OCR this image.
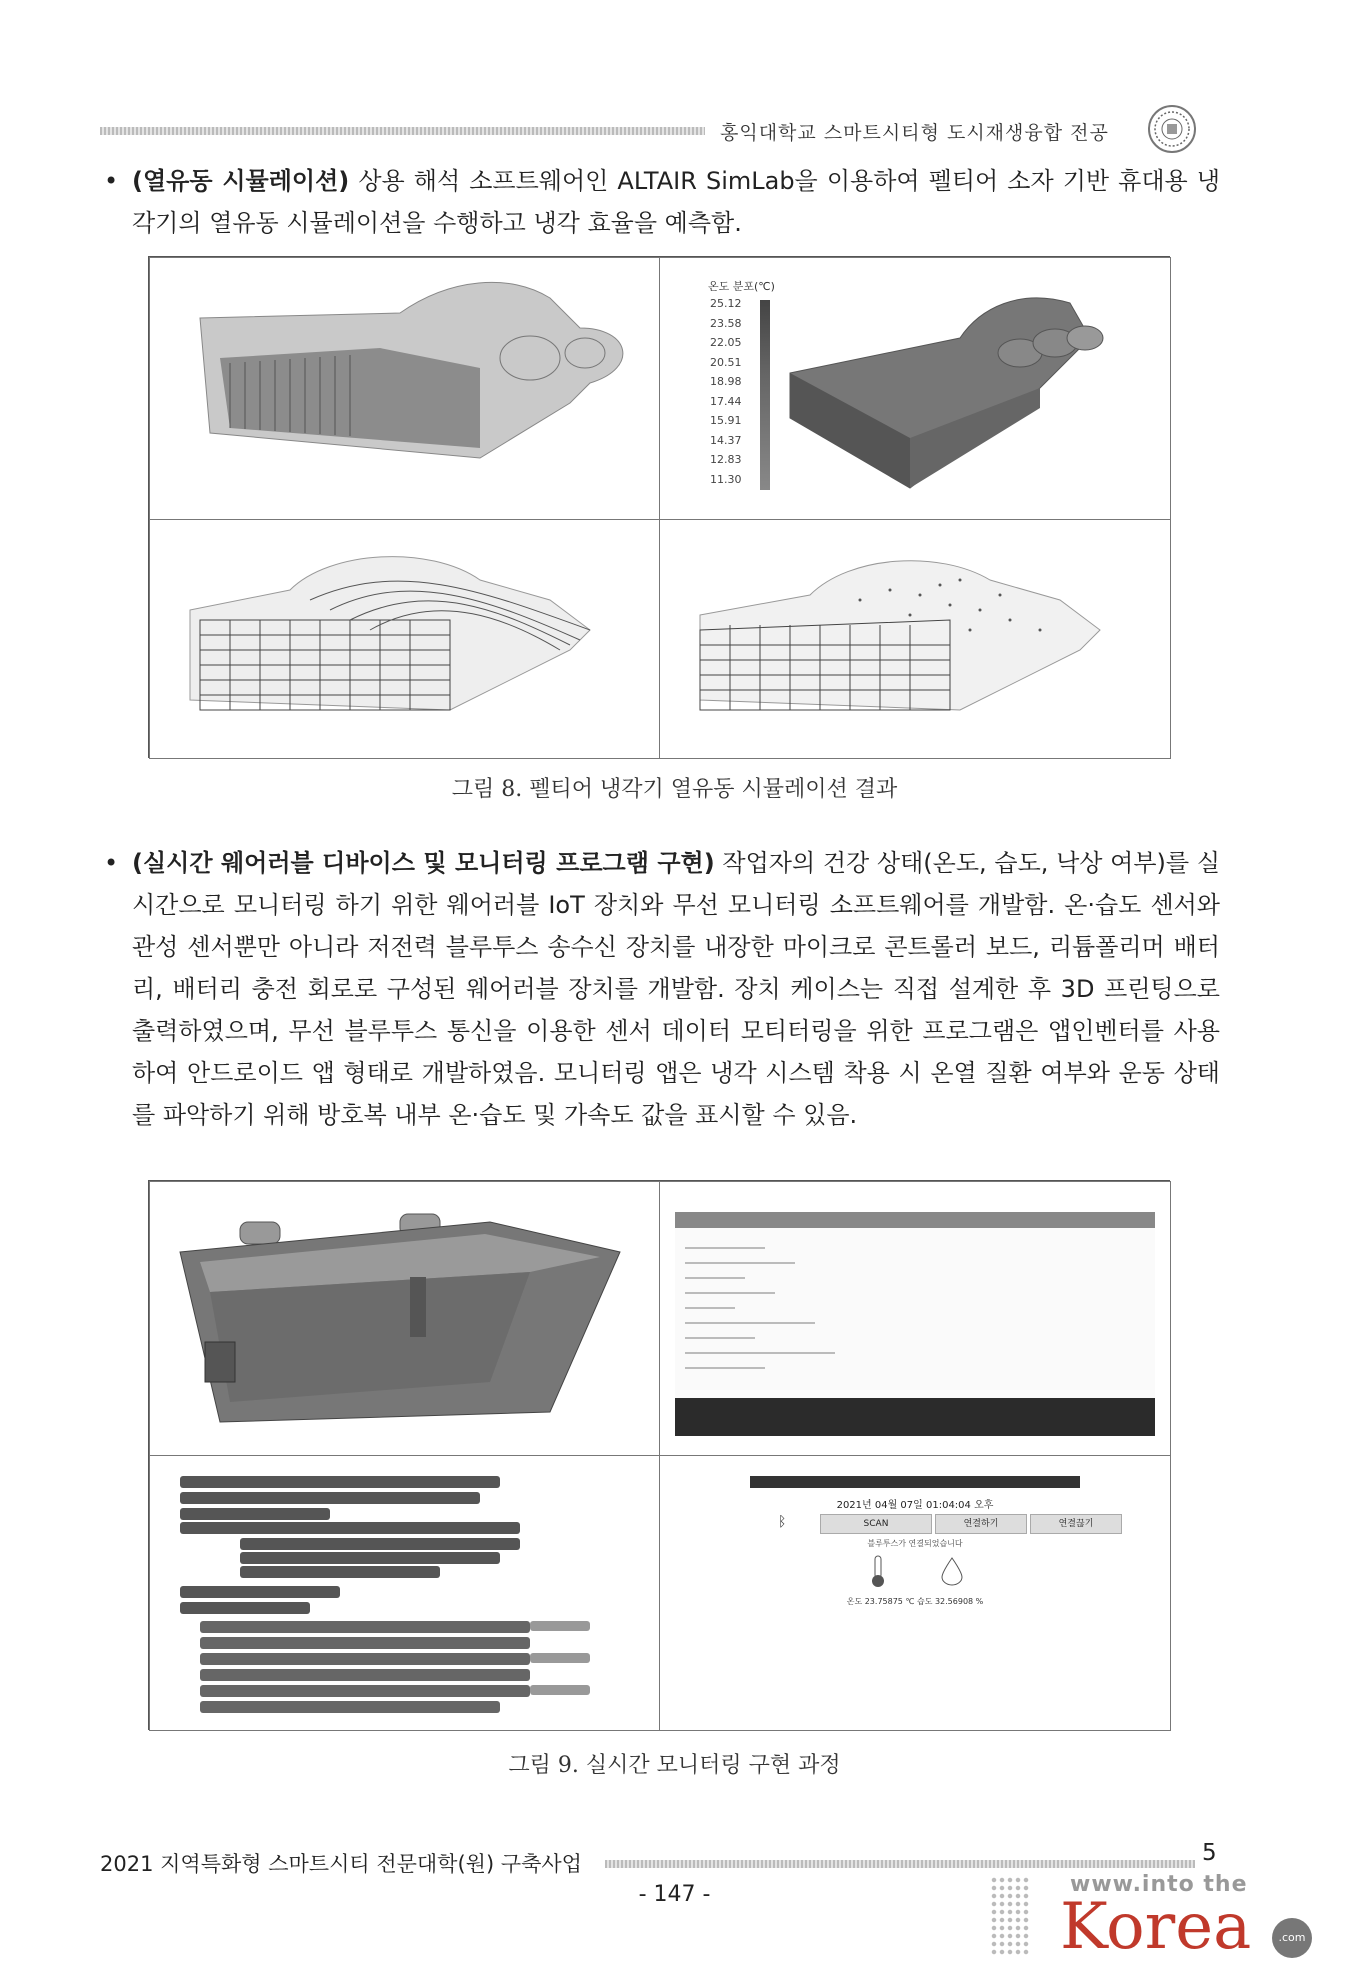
홍익대학교 스마트시티형 도시재생융합 전공
• (열유동 시뮬레이션) 상용 해석 소프트웨어인 ALTAIR SimLab을 이용하여 펠티어 소자 기반 휴대용 냉각기의 열유동 시뮬레이션을 수행하고 냉각 효율을 예측함.
온도 분포(℃)
25.12
23.58
22.05
20.51
18.98
17.44
15.91
14.37
12.83
11.30
그림 8. 펠티어 냉각기 열유동 시뮬레이션 결과
• (실시간 웨어러블 디바이스 및 모니터링 프로그램 구현) 작업자의 건강 상태(온도, 습도, 낙상 여부)를 실시간으로 모니터링 하기 위한 웨어러블 IoT 장치와 무선 모니터링 소프트웨어를 개발함. 온·습도 센서와 관성 센서뿐만 아니라 저전력 블루투스 송수신 장치를 내장한 마이크로 콘트롤러 보드, 리튬폴리머 배터리, 배터리 충전 회로로 구성된 웨어러블 장치를 개발함. 장치 케이스는 직접 설계한 후 3D 프린팅으로 출력하였으며, 무선 블루투스 통신을 이용한 센서 데이터 모티터링을 위한 프로그램은 앱인벤터를 사용하여 안드로이드 앱 형태로 개발하였음. 모니터링 앱은 냉각 시스템 착용 시 온열 질환 여부와 운동 상태를 파악하기 위해 방호복 내부 온·습도 및 가속도 값을 표시할 수 있음.
2021년 04월 07일 01:04:04 오후
ᛒ	SCAN	연결하기	연결끊기
블루투스가 연결되었습니다
온도 23.75875 ℃ 습도 32.56908 %
그림 9. 실시간 모니터링 구현 과정
2021 지역특화형 스마트시티 전문대학(원) 구축사업	5
- 147 -	www.into the
Korea	.com
